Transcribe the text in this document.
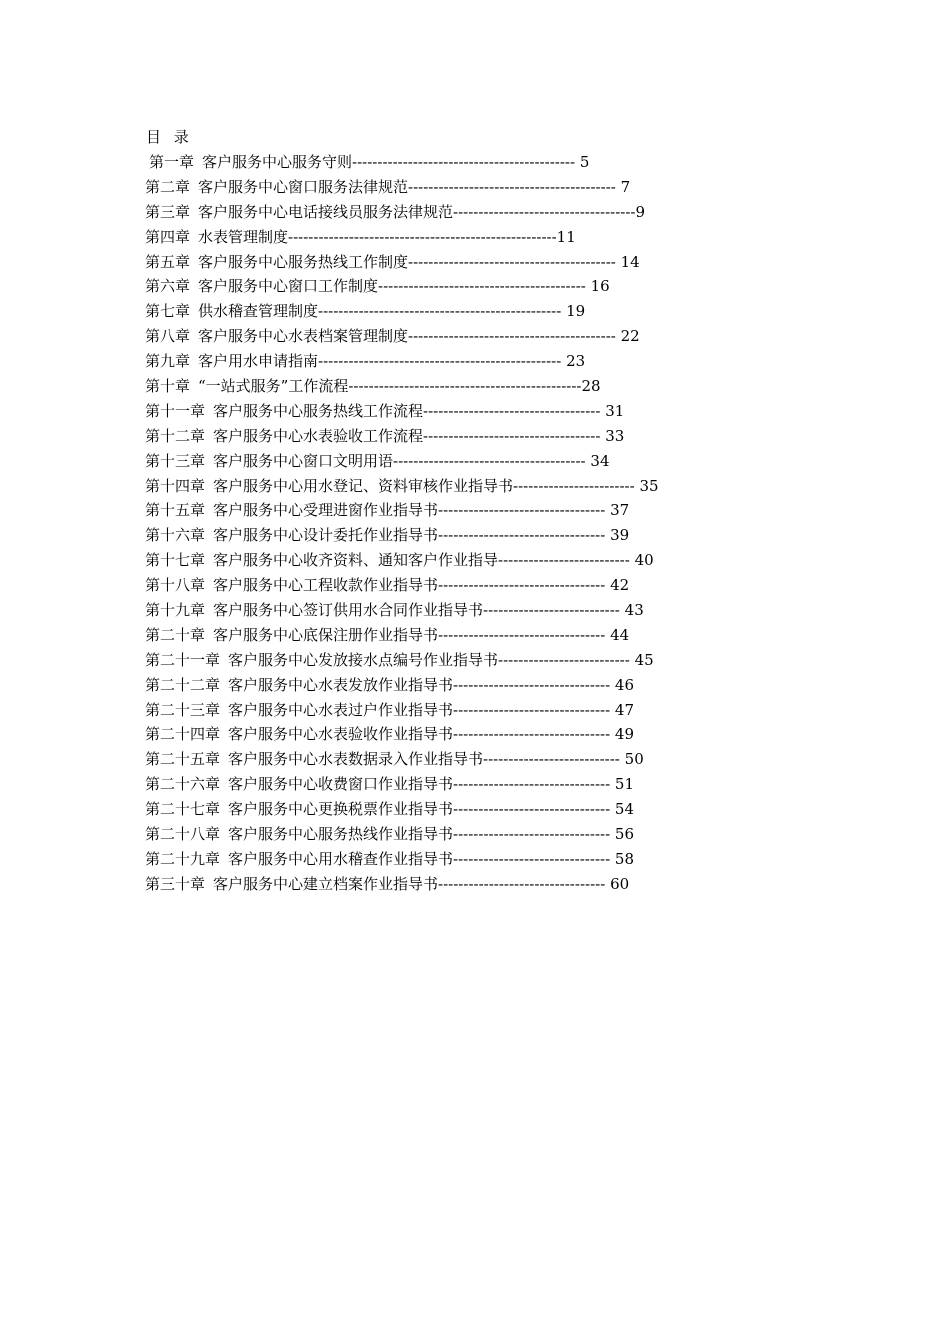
目 录
第一章 客户服务中心服务守则-------------------------------------------- 5
第二章 客户服务中心窗口服务法律规范----------------------------------------- 7
第三章 客户服务中心电话接线员服务法律规范------------------------------------9
第四章 水表管理制度-----------------------------------------------------11
第五章 客户服务中心服务热线工作制度----------------------------------------- 14
第六章 客户服务中心窗口工作制度----------------------------------------- 16
第七章 供水稽查管理制度------------------------------------------------ 19
第八章 客户服务中心水表档案管理制度----------------------------------------- 22
第九章 客户用水申请指南------------------------------------------------ 23
第十章 “一站式服务”工作流程----------------------------------------------28
第十一章 客户服务中心服务热线工作流程----------------------------------- 31
第十二章 客户服务中心水表验收工作流程----------------------------------- 33
第十三章 客户服务中心窗口文明用语-------------------------------------- 34
第十四章 客户服务中心用水登记、资料审核作业指导书------------------------ 35
第十五章 客户服务中心受理进窗作业指导书--------------------------------- 37
第十六章 客户服务中心设计委托作业指导书--------------------------------- 39
第十七章 客户服务中心收齐资料、通知客户作业指导-------------------------- 40
第十八章 客户服务中心工程收款作业指导书--------------------------------- 42
第十九章 客户服务中心签订供用水合同作业指导书--------------------------- 43
第二十章 客户服务中心底保注册作业指导书--------------------------------- 44
第二十一章 客户服务中心发放接水点编号作业指导书-------------------------- 45
第二十二章 客户服务中心水表发放作业指导书------------------------------- 46
第二十三章 客户服务中心水表过户作业指导书------------------------------- 47
第二十四章 客户服务中心水表验收作业指导书------------------------------- 49
第二十五章 客户服务中心水表数据录入作业指导书--------------------------- 50
第二十六章 客户服务中心收费窗口作业指导书------------------------------- 51
第二十七章 客户服务中心更换税票作业指导书------------------------------- 54
第二十八章 客户服务中心服务热线作业指导书------------------------------- 56
第二十九章 客户服务中心用水稽查作业指导书------------------------------- 58
第三十章 客户服务中心建立档案作业指导书--------------------------------- 60
